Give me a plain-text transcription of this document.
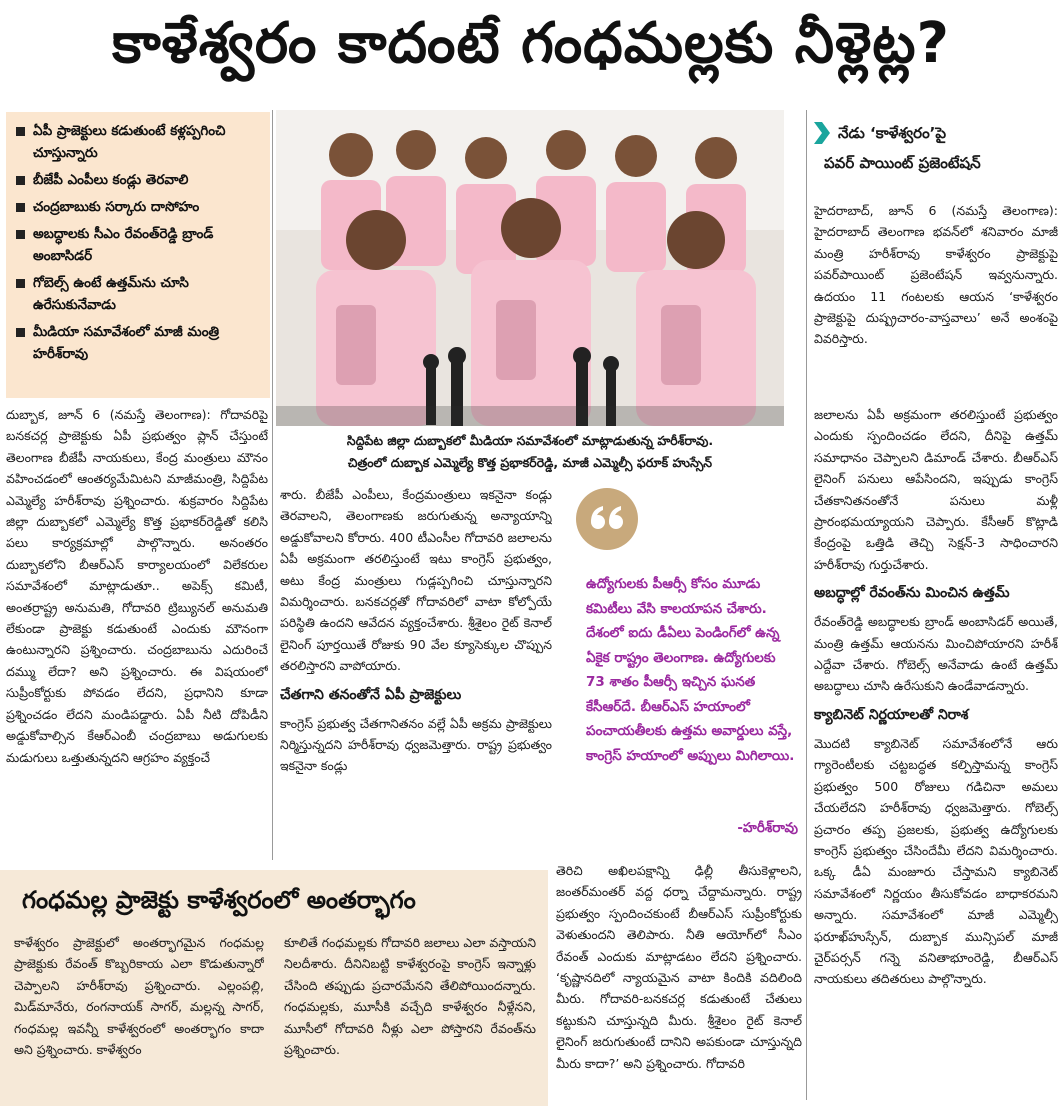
కాళేశ్వరం కాదంటే గంధమల్లకు నీళ్లెట్ల?
ఏపీ ప్రాజెక్టులు కడుతుంటే కళ్లప్పగించి చూస్తున్నారు
బీజేపీ ఎంపీలు కండ్లు తెరవాలి
చంద్రబాబుకు సర్కారు దాసోహం
అబద్ధాలకు సీఎం రేవంత్‌రెడ్డి బ్రాండ్‌ అంబాసిడర్‌
గోబెల్స్‌ ఉంటే ఉత్తమ్‌ను చూసి ఉరేసుకునేవాడు
మీడియా సమావేశంలో మాజీ మంత్రి హరీశ్‌రావు
సిద్దిపేట జిల్లా దుబ్బాకలో మీడియా సమావేశంలో మాట్లాడుతున్న హరీశ్‌రావు. చిత్రంలో దుబ్బాక ఎమ్మెల్యే కొత్త ప్రభాకర్‌రెడ్డి, మాజీ ఎమ్మెల్సీ ఫరూక్‌ హుస్సేన్‌
నేడు ‘కాళేశ్వరం’పై
పవర్‌ పాయింట్‌ ప్రజెంటేషన్‌
హైదరాబాద్‌, జూన్‌ 6 (నమస్తే తెలంగాణ): హైదరాబాద్‌ తెలంగాణ భవన్‌లో శనివారం మాజీ మంత్రి హరీశ్‌రావు కాళేశ్వరం ప్రాజెక్టుపై పవర్‌పాయింట్‌ ప్రజెంటేషన్‌ ఇవ్వనున్నారు. ఉదయం 11 గంటలకు ఆయన ‘కాళేశ్వరం ప్రాజెక్టుపై దుష్ప్రచారం-వాస్తవాలు’ అనే అంశంపై వివరిస్తారు.
దుబ్బాక, జూన్‌ 6 (నమస్తే తెలంగాణ): గోదావరిపై బనకచర్ల ప్రాజెక్టుకు ఏపీ ప్రభుత్వం ప్లాన్‌ చేస్తుంటే తెలంగాణ బీజేపీ నాయకులు, కేంద్ర మంత్రులు మౌనం వహించడంలో ఆంతర్యమేమిటని మాజీమంత్రి, సిద్దిపేట ఎమ్మెల్యే హరీశ్‌రావు ప్రశ్నించారు. శుక్రవారం సిద్దిపేట జిల్లా దుబ్బాకలో ఎమ్మెల్యే కొత్త ప్రభాకర్‌రెడ్డితో కలిసి పలు కార్యక్రమాల్లో పాల్గొన్నారు. అనంతరం దుబ్బాకలోని బీఆర్‌ఎస్‌ కార్యాలయంలో విలేకరుల సమావేశంలో మాట్లాడుతూ.. అపెక్స్‌ కమిటీ, అంతర్రాష్ట్ర అనుమతి, గోదావరి ట్రిబ్యునల్‌ అనుమతి లేకుండా ప్రాజెక్టు కడుతుంటే ఎందుకు మౌనంగా ఉంటున్నారని ప్రశ్నించారు. చంద్రబాబును ఎదురించే దమ్ము లేదా? అని ప్రశ్నించారు. ఈ విషయంలో సుప్రీంకోర్టుకు పోవడం లేదని, ప్రధానిని కూడా ప్రశ్నించడం లేదని మండిపడ్డారు. ఏపీ నీటి దోపిడీని అడ్డుకోవాల్సిన కేఆర్‌ఎంబీ చంద్రబాబు అడుగులకు మడుగులు ఒత్తుతున్నదని ఆగ్రహం వ్యక్తంచే

శారు. బీజేపీ ఎంపీలు, కేంద్రమంత్రులు ఇకనైనా కండ్లు తెరవాలని, తెలంగాణకు జరుగుతున్న అన్యాయాన్ని అడ్డుకోవాలని కోరారు. 400 టీఎంసీల గోదావరి జలాలను ఏపీ అక్రమంగా తరలిస్తుంటే ఇటు కాంగ్రెస్‌ ప్రభుత్వం, అటు కేంద్ర మంత్రులు గుడ్లప్పగించి చూస్తున్నారని విమర్శించారు. బనకచర్లతో గోదావరిలో వాటా కోల్పోయే పరిస్థితి ఉందని ఆవేదన వ్యక్తంచేశారు. శ్రీశైలం రైట్‌ కెనాల్‌ లైనింగ్‌ పూర్తయితే రోజుకు 90 వేల క్యూసెక్కుల చొప్పున తరలిస్తారని వాపోయారు.

చేతగాని తనంతోనే ఏపీ ప్రాజెక్టులు

కాంగ్రెస్‌ ప్రభుత్వ చేతగానితనం వల్లే ఏపీ అక్రమ ప్రాజెక్టులు నిర్మిస్తున్నదని హరీశ్‌రావు ధ్వజమెత్తారు. రాష్ట్ర ప్రభుత్వం ఇకనైనా కండ్లు

ఉద్యోగులకు పీఆర్సీ కోసం మూడు కమిటీలు వేసి కాలయాపన చేశారు. దేశంలో ఐదు డీఏలు పెండింగ్‌లో ఉన్న ఏకైక రాష్ట్రం తెలంగాణ. ఉద్యోగులకు 73 శాతం పీఆర్సీ ఇచ్చిన ఘనత కేసీఆర్‌దే. బీఆర్‌ఎస్‌ హయాంలో పంచాయతీలకు ఉత్తమ అవార్డులు వస్తే, కాంగ్రెస్‌ హయాంలో అప్పులు మిగిలాయి.
-హరీశ్‌రావు
తెరిచి అఖిలపక్షాన్ని ఢిల్లీ తీసుకెళ్లాలని, జంతర్‌మంతర్‌ వద్ద ధర్నా చేద్దామన్నారు. రాష్ట్ర ప్రభుత్వం స్పందించకుంటే బీఆర్‌ఎస్‌ సుప్రీంకోర్టుకు వెళుతుందని తెలిపారు. నీతి ఆయోగ్‌లో సీఎం రేవంత్‌ ఎందుకు మాట్లాడటం లేదని ప్రశ్నించారు. ‘కృష్ణానదిలో న్యాయమైన వాటా కిందికి వదిలింది మీరు. గోదావరి-బనకచర్ల కడుతుంటే చేతులు కట్టుకుని చూస్తున్నది మీరు. శ్రీశైలం రైట్‌ కెనాల్‌ లైనింగ్‌ జరుగుతుంటే దానిని అపకుండా చూస్తున్నది మీరు కాదా?’ అని ప్రశ్నించారు. గోదావరి

జలాలను ఏపీ అక్రమంగా తరలిస్తుంటే ప్రభుత్వం ఎందుకు స్పందించడం లేదని, దీనిపై ఉత్తమ్‌ సమాధానం చెప్పాలని డిమాండ్‌ చేశారు. బీఆర్‌ఎస్‌ లైనింగ్‌ పనులు ఆపేసిందని, ఇప్పుడు కాంగ్రెస్‌ చేతకానితనంతోనే పనులు మళ్లీ ప్రారంభమయ్యాయని చెప్పారు. కేసీఆర్‌ కొట్లాడి కేంద్రంపై ఒత్తిడి తెచ్చి సెక్షన్‌-3 సాధించారని హరీశ్‌రావు గుర్తుచేశారు.

అబద్ధాల్లో రేవంత్‌ను మించిన ఉత్తమ్‌

రేవంత్‌రెడ్డి అబద్ధాలకు బ్రాండ్‌ అంబాసిడర్‌ అయితే, మంత్రి ఉత్తమ్‌ ఆయనను మించిపోయారని హరీశ్‌ ఎద్దేవా చేశారు. గోబెల్స్‌ అనేవాడు ఉంటే ఉత్తమ్‌ అబద్ధాలు చూసి ఉరేసుకుని ఉండేవాడన్నారు.

క్యాబినెట్‌ నిర్ణయాలతో నిరాశ

మొదటి క్యాబినెట్‌ సమావేశంలోనే ఆరు గ్యారెంటీలకు చట్టబద్ధత కల్పిస్తామన్న కాంగ్రెస్‌ ప్రభుత్వం 500 రోజులు గడిచినా అమలు చేయలేదని హరీశ్‌రావు ధ్వజమెత్తారు. గోబెల్స్‌ ప్రచారం తప్ప ప్రజలకు, ప్రభుత్వ ఉద్యోగులకు కాంగ్రెస్‌ ప్రభుత్వం చేసిందేమీ లేదని విమర్శించారు. ఒక్క డీఏ మంజూరు చేస్తామని క్యాబినెట్‌ సమావేశంలో నిర్ణయం తీసుకోవడం బాధాకరమని అన్నారు. సమావేశంలో మాజీ ఎమ్మెల్సీ ఫరూఖ్‌హుస్సేన్‌, దుబ్బాక మున్సిపల్‌ మాజీ చైర్‌పర్సన్‌ గన్నె వనితాభూంరెడ్డి, బీఆర్‌ఎస్‌ నాయకులు తదితరులు పాల్గొన్నారు.

గంధమల్ల ప్రాజెక్టు కాళేశ్వరంలో అంతర్భాగం
కాళేశ్వరం ప్రాజెక్టులో అంతర్భాగమైన గంధమల్ల ప్రాజెక్టుకు రేవంత్‌ కొబ్బరికాయ ఎలా కొడుతున్నారో చెప్పాలని హరీశ్‌రావు ప్రశ్నించారు. ఎల్లంపల్లి, మిడ్‌మానేరు, రంగనాయక్‌ సాగర్‌, మల్లన్న సాగర్‌, గంధమల్ల ఇవన్నీ కాళేశ్వరంలో అంతర్భాగం కాదా అని ప్రశ్నించారు. కాళేశ్వరం
కూలితే గంధమల్లకు గోదావరి జలాలు ఎలా వస్తాయని నిలదీశారు. దీనినిబట్టి కాళేశ్వరంపై కాంగ్రెస్‌ ఇన్నాళ్లు చేసింది తప్పుడు ప్రచారమేనని తేలిపోయిందన్నారు. గంధమల్లకు, మూసీకి వచ్చేది కాళేశ్వరం నీళ్లేనని, మూసీలో గోదావరి నీళ్లు ఎలా పోస్తారని రేవంత్‌ను ప్రశ్నించారు.
